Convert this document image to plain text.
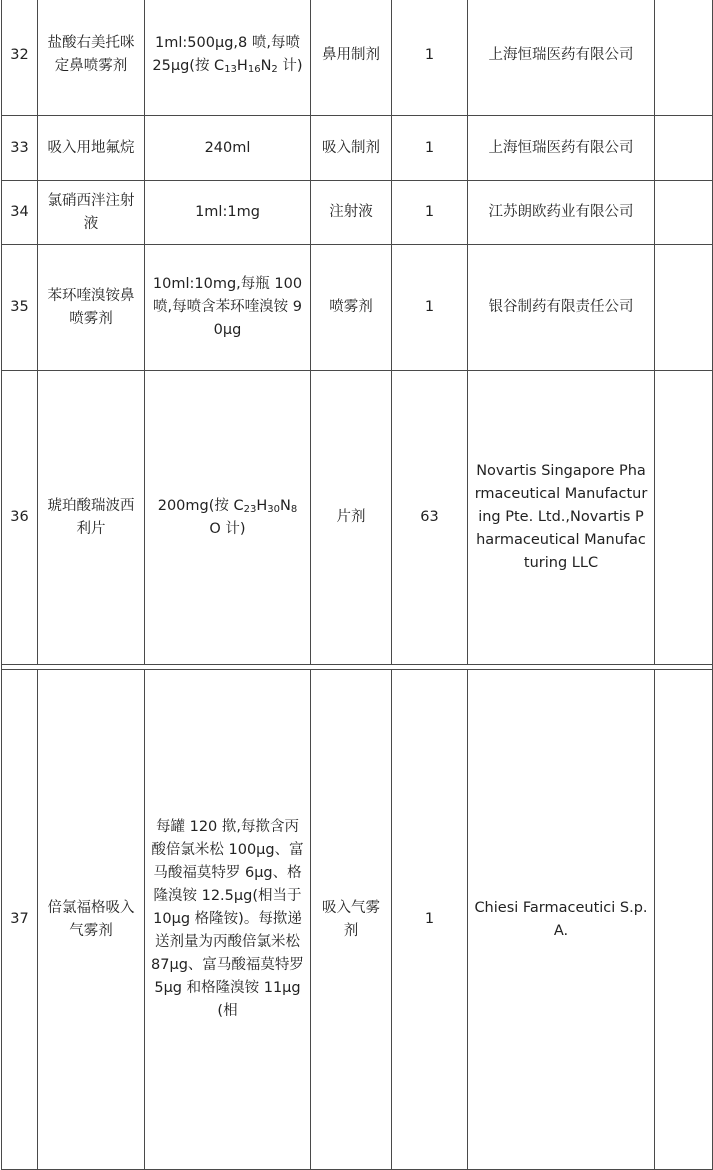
32	盐酸右美托咪定鼻喷雾剂	1ml:500μg,8 喷,每喷 25μg(按 $C_{13}H_{16}N_2$ 计)	鼻用制剂	1	上海恒瑞医药有限公司	
33	吸入用地氟烷	240ml	吸入制剂	1	上海恒瑞医药有限公司	
34	氯硝西泮注射液	1ml:1mg	注射液	1	江苏朗欧药业有限公司	
35	苯环喹溴铵鼻喷雾剂	10ml:10mg,每瓶 100 喷,每喷含苯环喹溴铵 90μg	喷雾剂	1	银谷制药有限责任公司	
36	琥珀酸瑞波西利片	200mg(按 $C_{23}H_{30}N_8$ O 计)	片剂	63	Novartis Singapore Pharmaceutical Manufacturing Pte. Ltd.,Novartis Pharmaceutical Manufacturing LLC	

37	倍氯福格吸入气雾剂	每罐 120 揿,每揿含丙酸倍氯米松 100μg、富马酸福莫特罗 6μg、格隆溴铵 12.5μg(相当于 10μg 格隆铵)。每揿递送剂量为丙酸倍氯米松 87μg、富马酸福莫特罗 5μg 和格隆溴铵 11μg(相	吸入气雾剂	1	Chiesi Farmaceutici S.p.A.	
